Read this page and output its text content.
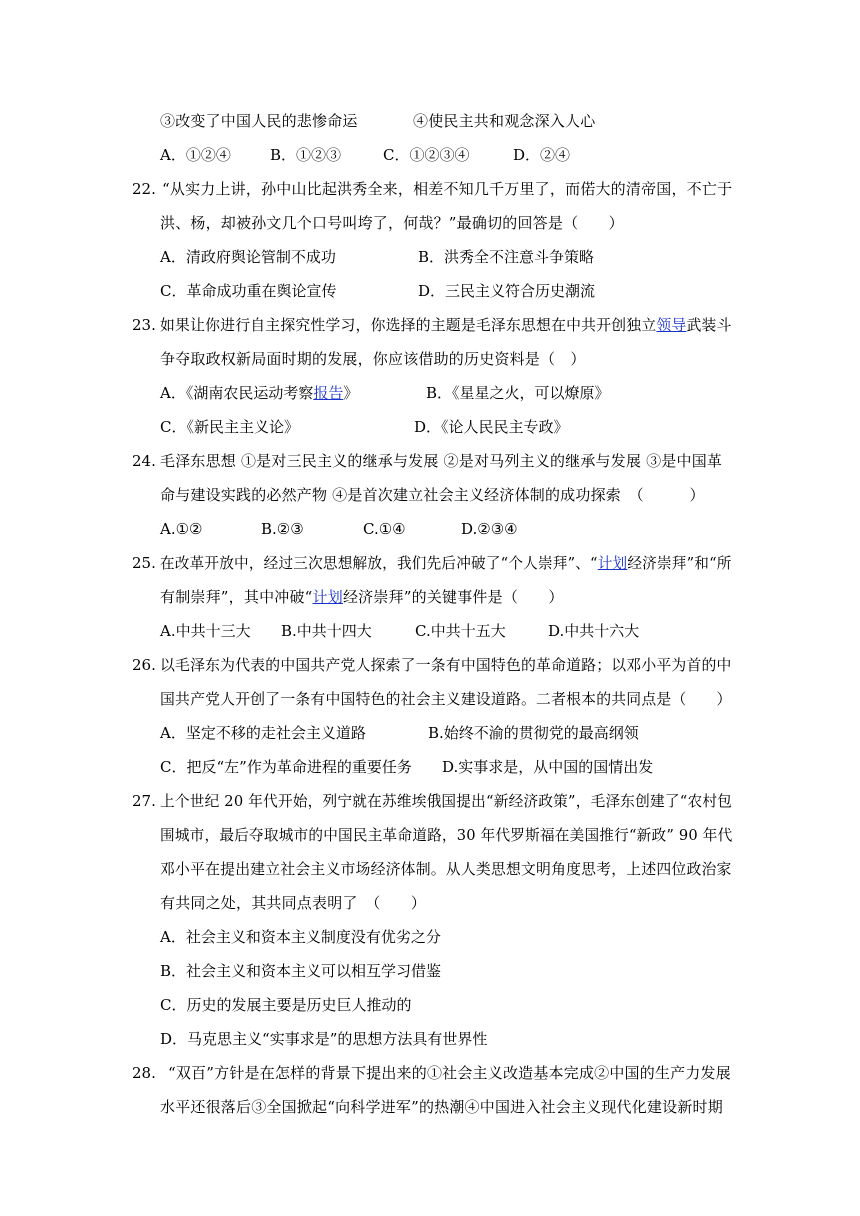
③改变了中国人民的悲惨命运	④使民主共和观念深入人心
A．①②④	B．①②③	C．①②③④	D．②④
22. “从实力上讲，孙中山比起洪秀全来，相差不知几千万里了，而偌大的清帝国，不亡于
洪、杨，却被孙文几个口号叫垮了，何哉？”最确切的回答是（　　）
A．清政府舆论管制不成功	B．洪秀全不注意斗争策略
C．革命成功重在舆论宣传	D．三民主义符合历史潮流
23. 如果让你进行自主探究性学习，你选择的主题是毛泽东思想在中共开创独立领导武装斗
争夺取政权新局面时期的发展，你应该借助的历史资料是（　）
A．《湖南农民运动考察报告》	B．《星星之火，可以燎原》
C．《新民主主义论》	D．《论人民民主专政》
24. 毛泽东思想 ①是对三民主义的继承与发展 ②是对马列主义的继承与发展 ③是中国革
命与建设实践的必然产物 ④是首次建立社会主义经济体制的成功探索　（　　　）
A.①②	B.②③	C.①④	D.②③④
25. 在改革开放中，经过三次思想解放，我们先后冲破了“个人崇拜”、“计划经济崇拜”和“所
有制崇拜”，其中冲破“计划经济崇拜”的关键事件是（　　）
A.中共十三大 B.中共十四大	C.中共十五大	D.中共十六大
26. 以毛泽东为代表的中国共产党人探索了一条有中国特色的革命道路；以邓小平为首的中
国共产党人开创了一条有中国特色的社会主义建设道路。二者根本的共同点是（　　）
A．坚定不移的走社会主义道路	B.始终不渝的贯彻党的最高纲领
C．把反“左”作为革命进程的重要任务 D.实事求是，从中国的国情出发
27. 上个世纪 20 年代开始，列宁就在苏维埃俄国提出“新经济政策”，毛泽东创建了“农村包
围城市，最后夺取城市的中国民主革命道路，30 年代罗斯福在美国推行“新政” 90 年代
邓小平在提出建立社会主义市场经济体制。从人类思想文明角度思考，上述四位政治家
有共同之处，其共同点表明了　（　　）
A．社会主义和资本主义制度没有优劣之分
B．社会主义和资本主义可以相互学习借鉴
C．历史的发展主要是历史巨人推动的
D．马克思主义“实事求是”的思想方法具有世界性
28. “双百”方针是在怎样的背景下提出来的①社会主义改造基本完成②中国的生产力发展
水平还很落后③全国掀起“向科学进军”的热潮④中国进入社会主义现代化建设新时期
